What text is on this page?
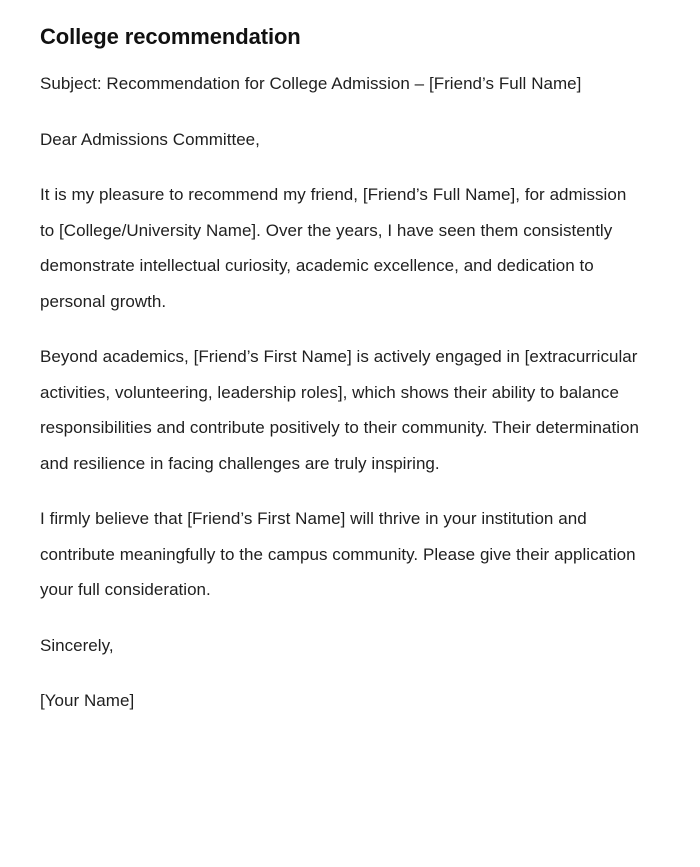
College recommendation

Subject: Recommendation for College Admission – [Friend’s Full Name]

Dear Admissions Committee,

It is my pleasure to recommend my friend, [Friend’s Full Name], for admission to [College/University Name]. Over the years, I have seen them consistently demonstrate intellectual curiosity, academic excellence, and dedication to personal growth.

Beyond academics, [Friend’s First Name] is actively engaged in [extracurricular activities, volunteering, leadership roles], which shows their ability to balance responsibilities and contribute positively to their community. Their determination and resilience in facing challenges are truly inspiring.

I firmly believe that [Friend’s First Name] will thrive in your institution and contribute meaningfully to the campus community. Please give their application your full consideration.

Sincerely,

[Your Name]
